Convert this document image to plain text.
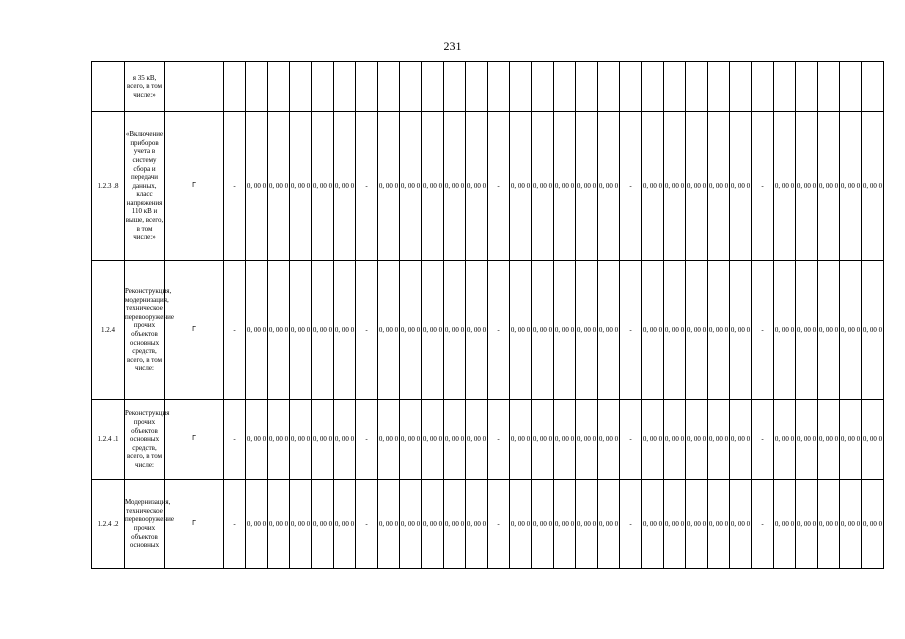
231
	я 35 кВ, всего, в том числе:»																															
1.2.3 .8	«Включение приборов учета в систему сбора и передачи данных, класс напряжения 110 кВ и выше, всего, в том числе:»	Г	-	0, 00 0	0, 00 0	0, 00 0	0, 00 0	0, 00 0	-	0, 00 0	0, 00 0	0, 00 0	0, 00 0	0, 00 0	-	0, 00 0	0, 00 0	0, 00 0	0, 00 0	0, 00 0	-	0, 00 0	0, 00 0	0, 00 0	0, 00 0	0, 00 0	-	0, 00 0	0, 00 0	0, 00 0	0, 00 0	0, 00 0
1.2.4	Реконструкция, модернизация, техническое перевооружение прочих объектов основных средств, всего, в том числе:	Г	-	0, 00 0	0, 00 0	0, 00 0	0, 00 0	0, 00 0	-	0, 00 0	0, 00 0	0, 00 0	0, 00 0	0, 00 0	-	0, 00 0	0, 00 0	0, 00 0	0, 00 0	0, 00 0	-	0, 00 0	0, 00 0	0, 00 0	0, 00 0	0, 00 0	-	0, 00 0	0, 00 0	0, 00 0	0, 00 0	0, 00 0
1.2.4 .1	Реконструкция прочих объектов основных средств, всего, в том числе:	Г	-	0, 00 0	0, 00 0	0, 00 0	0, 00 0	0, 00 0	-	0, 00 0	0, 00 0	0, 00 0	0, 00 0	0, 00 0	-	0, 00 0	0, 00 0	0, 00 0	0, 00 0	0, 00 0	-	0, 00 0	0, 00 0	0, 00 0	0, 00 0	0, 00 0	-	0, 00 0	0, 00 0	0, 00 0	0, 00 0	0, 00 0
1.2.4 .2	Модернизация, техническое перевооружение прочих объектов основных	Г	-	0, 00 0	0, 00 0	0, 00 0	0, 00 0	0, 00 0	-	0, 00 0	0, 00 0	0, 00 0	0, 00 0	0, 00 0	-	0, 00 0	0, 00 0	0, 00 0	0, 00 0	0, 00 0	-	0, 00 0	0, 00 0	0, 00 0	0, 00 0	0, 00 0	-	0, 00 0	0, 00 0	0, 00 0	0, 00 0	0, 00 0
